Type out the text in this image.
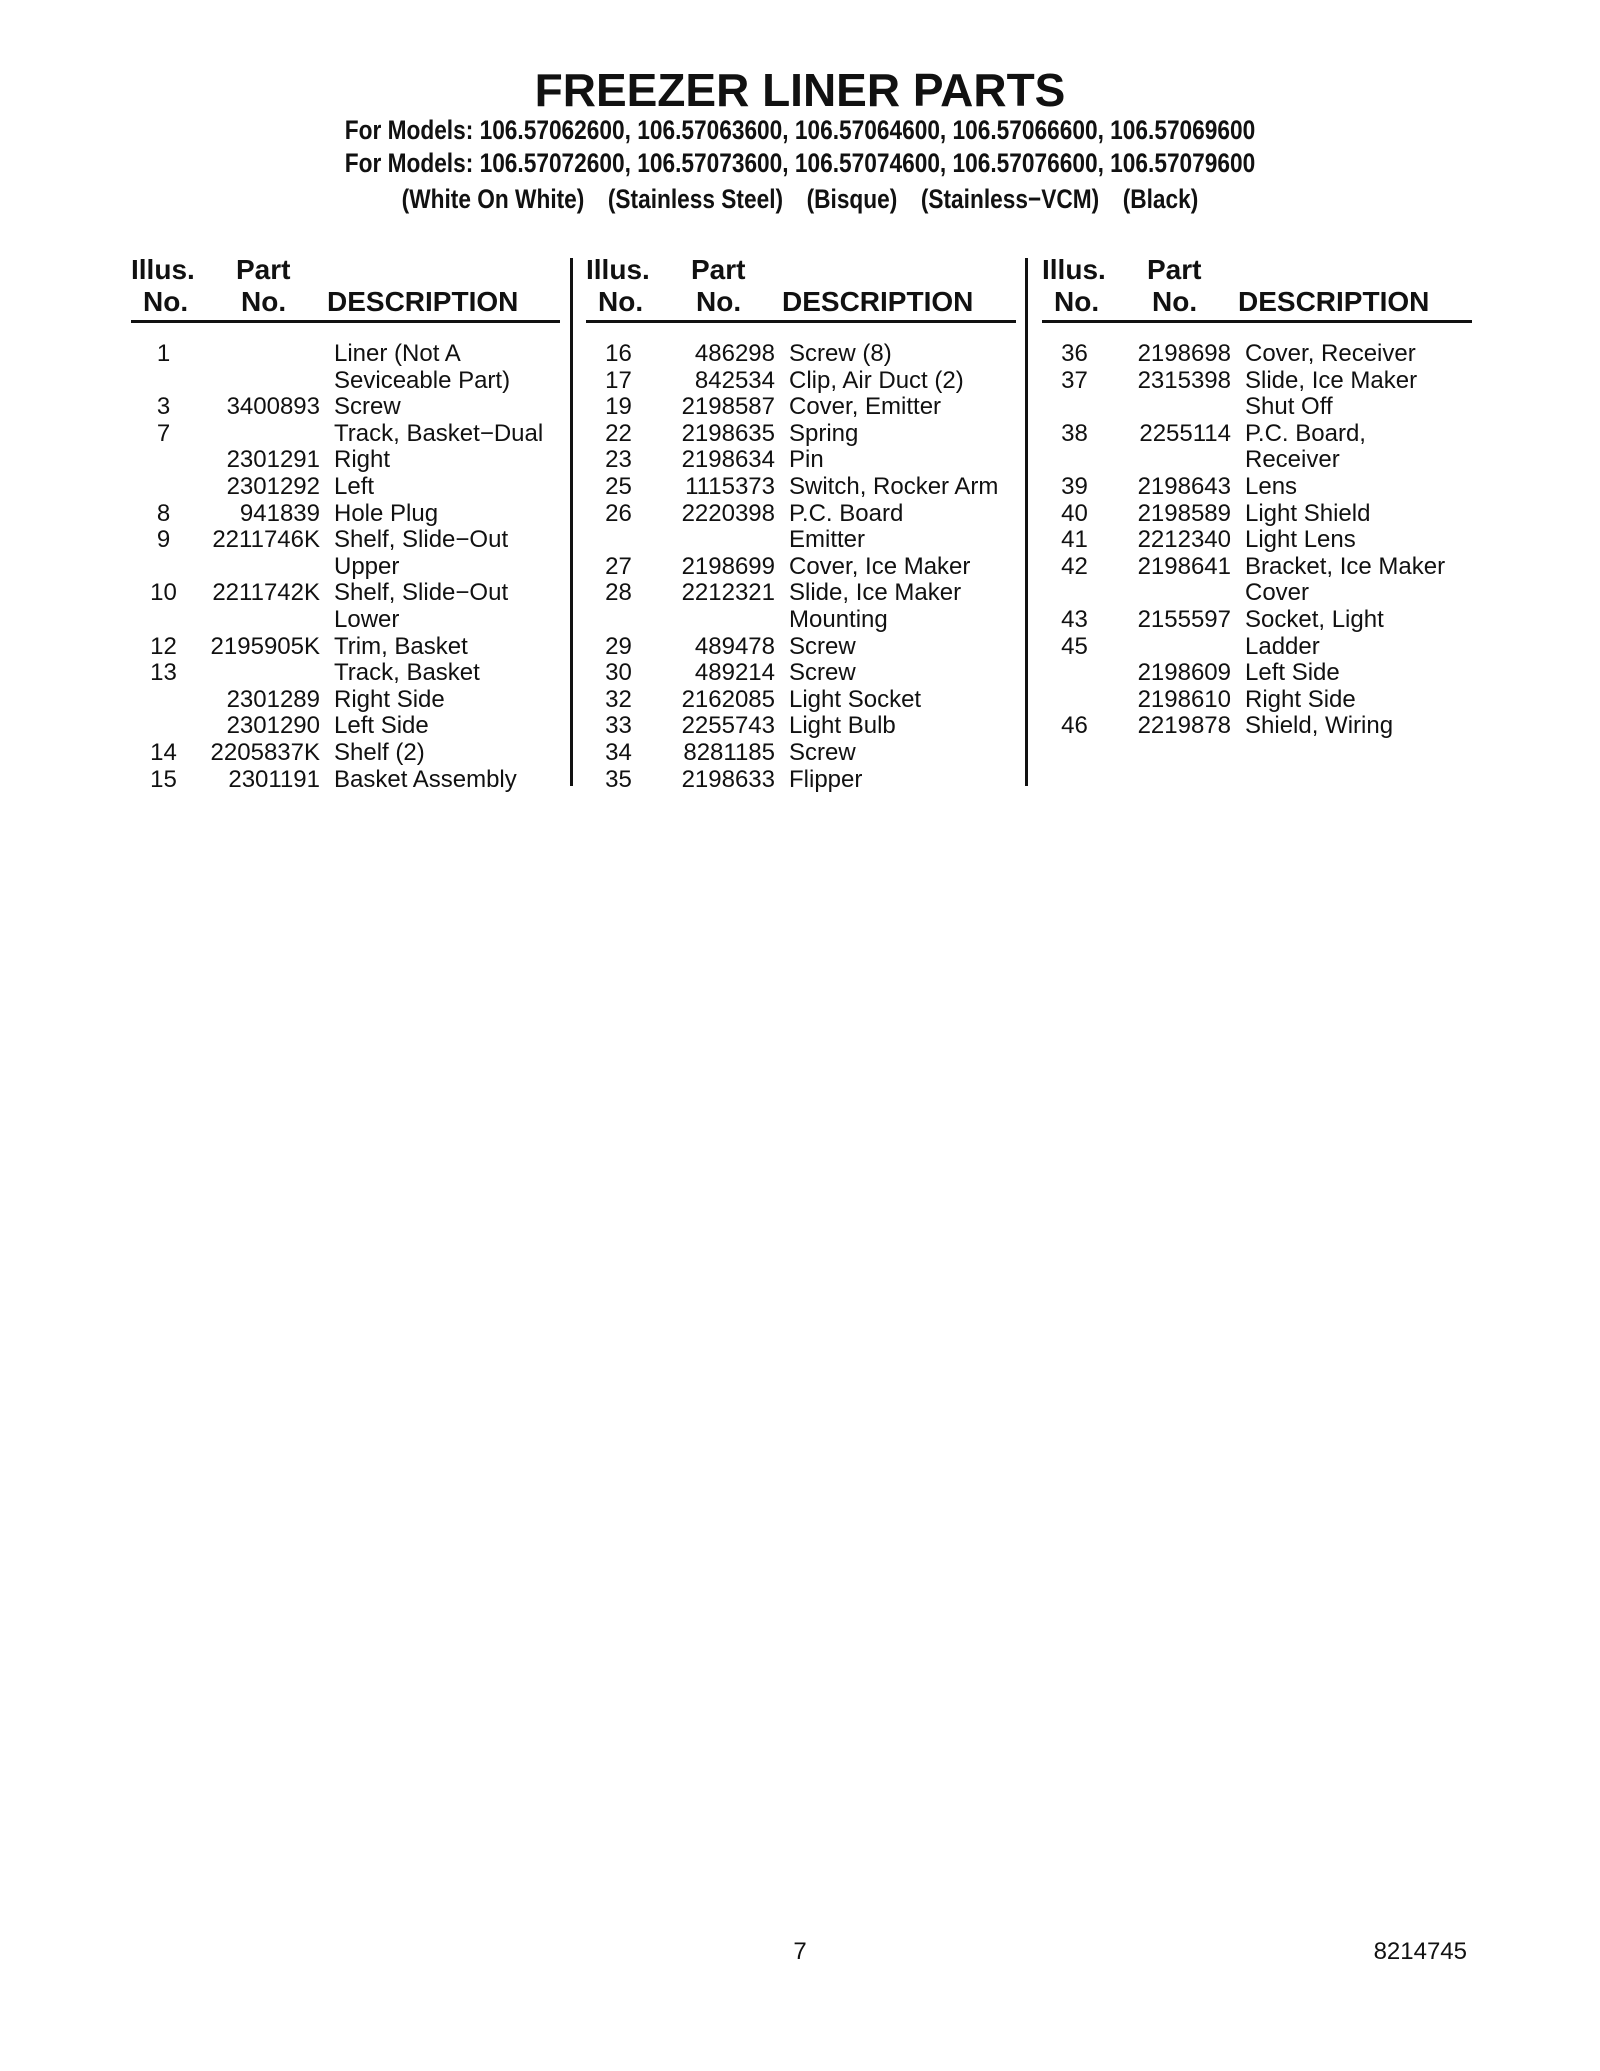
FREEZER LINER PARTS
For Models: 106.57062600, 106.57063600, 106.57064600, 106.57066600, 106.57069600
For Models: 106.57072600, 106.57073600, 106.57074600, 106.57076600, 106.57079600
(White On White) (Stainless Steel) (Bisque) (Stainless−VCM) (Black)
Illus.
No.
Part
No. DESCRIPTION
1	Liner (Not A
Seviceable Part)
3	3400893 Screw
7	Track, Basket−Dual
2301291 Right
2301292 Left
8	941839 Hole Plug
9	2211746K Shelf, Slide−Out
Upper
10	2211742K Shelf, Slide−Out
Lower
12	2195905K Trim, Basket
13	Track, Basket
2301289 Right Side
2301290 Left Side
14	2205837K Shelf (2)
15	2301191 Basket Assembly
Illus.
No.
Part
No. DESCRIPTION
16	486298 Screw (8)
17	842534 Clip, Air Duct (2)
19	2198587 Cover, Emitter
22	2198635 Spring
23	2198634 Pin
25	1115373 Switch, Rocker Arm
26	2220398 P.C. Board
Emitter
27	2198699 Cover, Ice Maker
28	2212321 Slide, Ice Maker
Mounting
29	489478 Screw
30	489214 Screw
32	2162085 Light Socket
33	2255743 Light Bulb
34	8281185 Screw
35	2198633 Flipper
Illus.
No.
Part
No. DESCRIPTION
36	2198698 Cover, Receiver
37	2315398 Slide, Ice Maker
Shut Off
38	2255114 P.C. Board,
Receiver
39	2198643 Lens
40	2198589 Light Shield
41	2212340 Light Lens
42	2198641 Bracket, Ice Maker
Cover
43	2155597 Socket, Light
45	Ladder
2198609 Left Side
2198610 Right Side
46	2219878 Shield, Wiring
7	8214745
